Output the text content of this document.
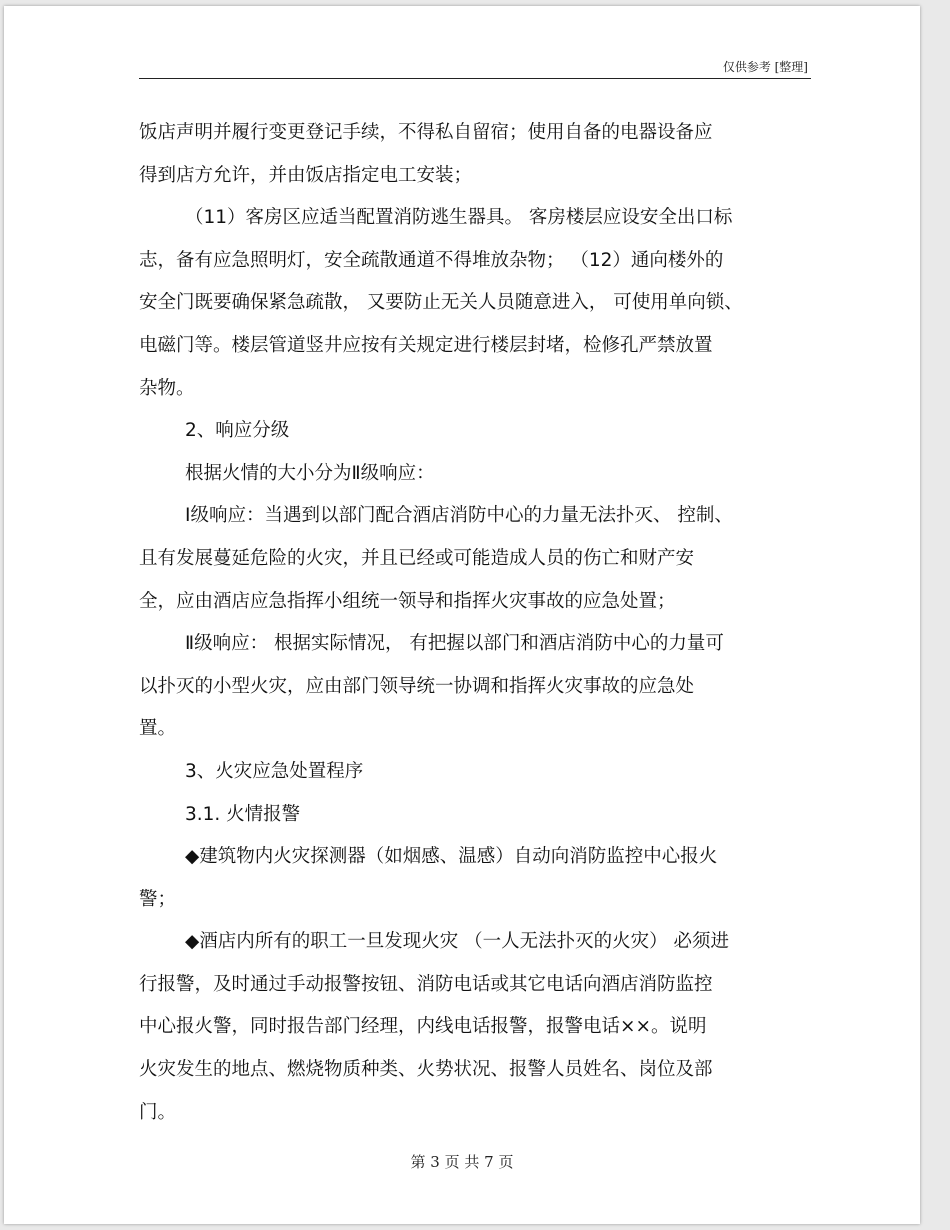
仅供参考 [整理]
饭店声明并履行变更登记手续，不得私自留宿；使用自备的电器设备应
得到店方允许，并由饭店指定电工安装；
（11）客房区应适当配置消防逃生器具。 客房楼层应设安全出口标
志，备有应急照明灯，安全疏散通道不得堆放杂物； （12）通向楼外的
安全门既要确保紧急疏散， 又要防止无关人员随意进入， 可使用单向锁、
电磁门等。楼层管道竖井应按有关规定进行楼层封堵，检修孔严禁放置
杂物。
2、响应分级
根据火情的大小分为Ⅱ级响应：
Ⅰ级响应：当遇到以部门配合酒店消防中心的力量无法扑灭、 控制、
且有发展蔓延危险的火灾，并且已经或可能造成人员的伤亡和财产安
全，应由酒店应急指挥小组统一领导和指挥火灾事故的应急处置；
Ⅱ级响应： 根据实际情况， 有把握以部门和酒店消防中心的力量可
以扑灭的小型火灾，应由部门领导统一协调和指挥火灾事故的应急处
置。
3、火灾应急处置程序
3.1. 火情报警
◆建筑物内火灾探测器（如烟感、温感）自动向消防监控中心报火
警；
◆酒店内所有的职工一旦发现火灾 （一人无法扑灭的火灾） 必须进
行报警，及时通过手动报警按钮、消防电话或其它电话向酒店消防监控
中心报火警，同时报告部门经理，内线电话报警，报警电话××。说明
火灾发生的地点、燃烧物质种类、火势状况、报警人员姓名、岗位及部
门。
第 3 页 共 7 页
